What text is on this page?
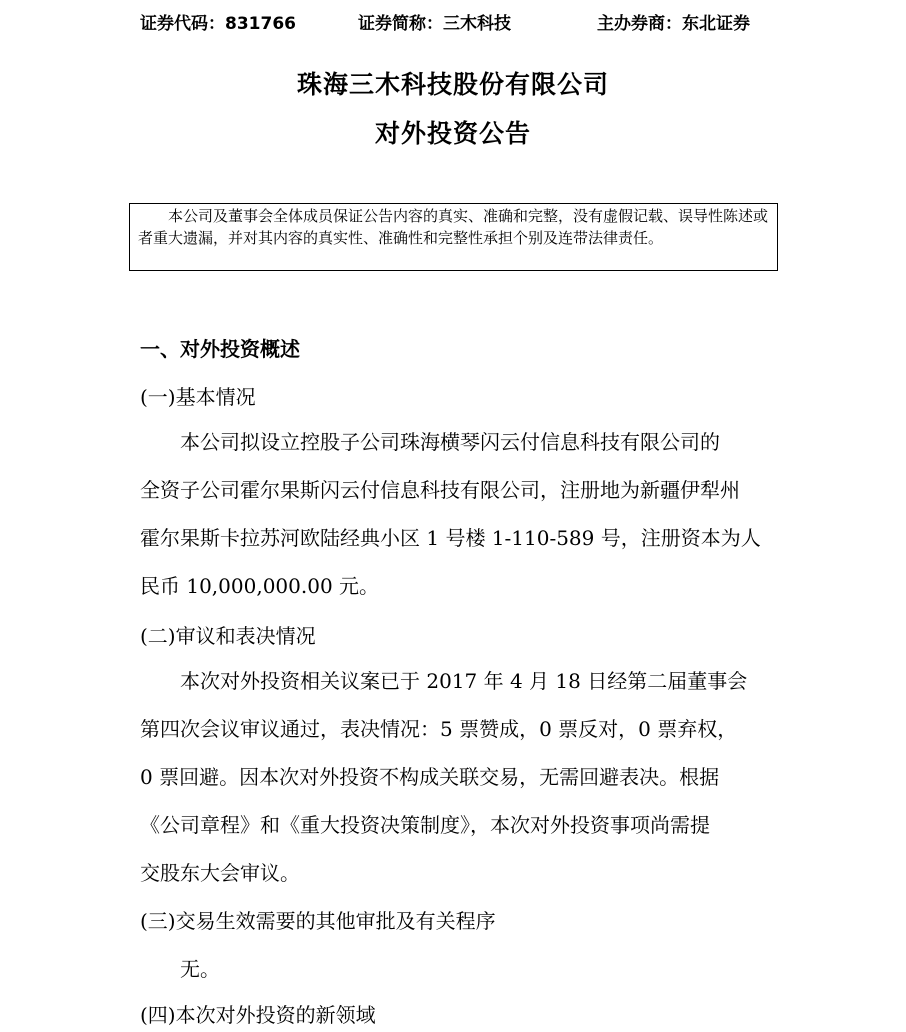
证券代码：831766	证券简称：三木科技	主办券商：东北证券
珠海三木科技股份有限公司
对外投资公告

本公司及董事会全体成员保证公告内容的真实、准确和完整，没有虚假记载、误导性陈述或者重大遗漏，并对其内容的真实性、准确性和完整性承担个别及连带法律责任。

一、对外投资概述
(一)基本情况
本公司拟设立控股子公司珠海横琴闪云付信息科技有限公司的
全资子公司霍尔果斯闪云付信息科技有限公司，注册地为新疆伊犁州
霍尔果斯卡拉苏河欧陆经典小区 1 号楼 1-110-589 号，注册资本为人
民币 10,000,000.00 元。
(二)审议和表决情况
本次对外投资相关议案已于 2017 年 4 月 18 日经第二届董事会
第四次会议审议通过，表决情况：5 票赞成，0 票反对，0 票弃权，
0 票回避。因本次对外投资不构成关联交易，无需回避表决。根据
《公司章程》和《重大投资决策制度》，本次对外投资事项尚需提
交股东大会审议。
(三)交易生效需要的其他审批及有关程序
无。
(四)本次对外投资的新领域
